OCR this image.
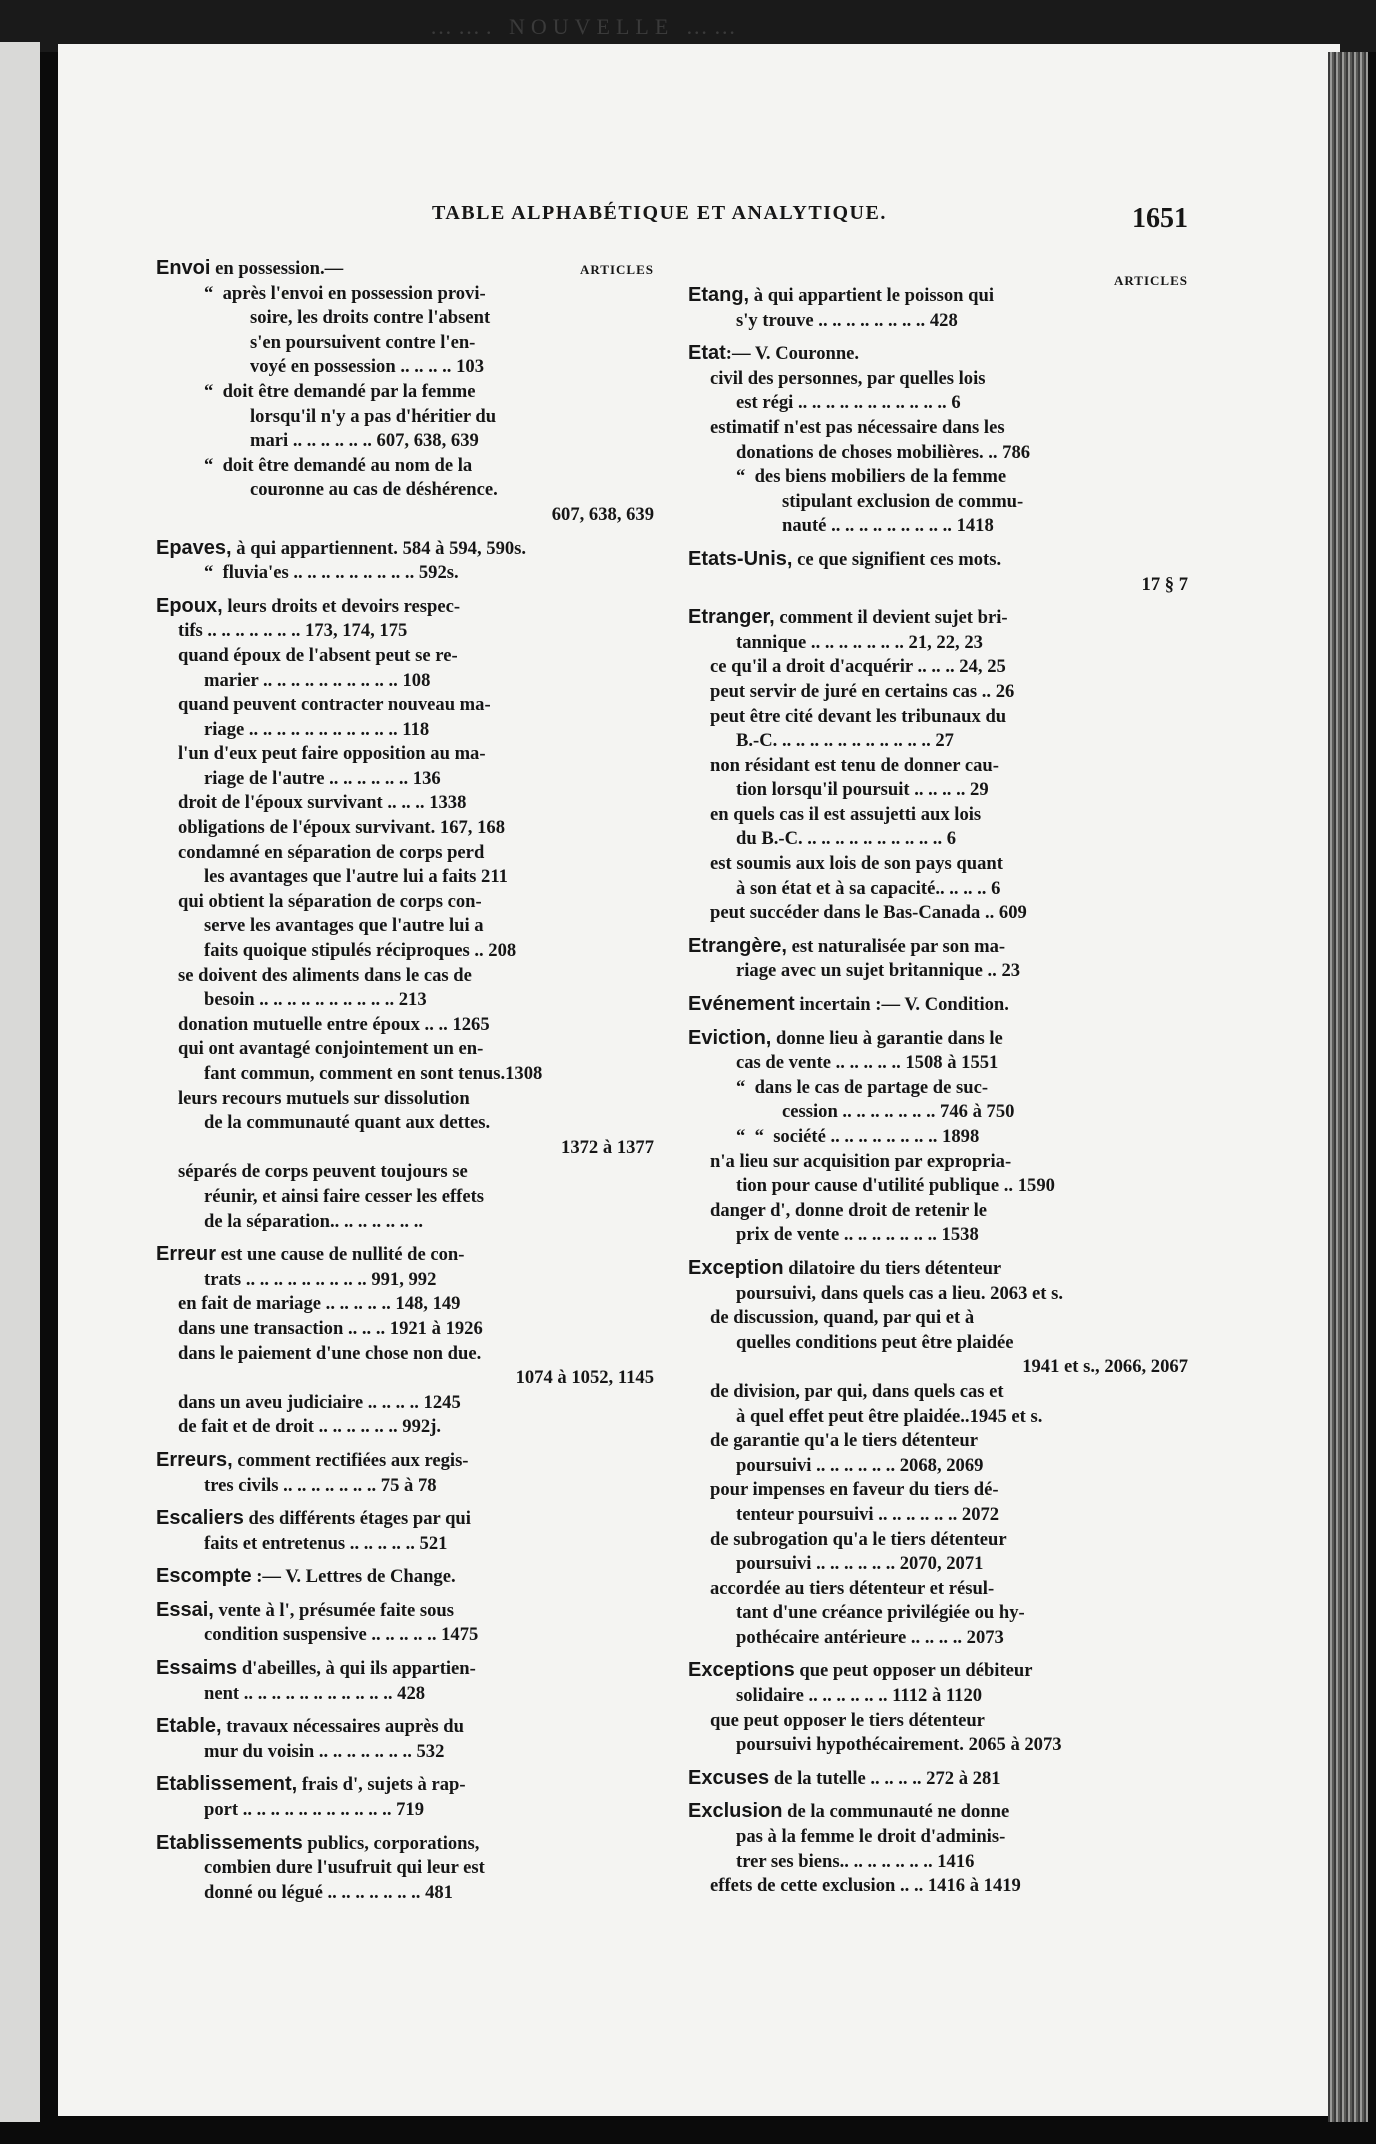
……. NOUVELLE ……
TABLE ALPHABÉTIQUE ET ANALYTIQUE.	1651
ARTICLES
Envoi en possession.—
“  après l'envoi en possession provi-
soire, les droits contre l'absent
s'en poursuivent contre l'en-
voyé en possession .. .. .. .. 103
“  doit être demandé par la femme
lorsqu'il n'y a pas d'héritier du
mari .. .. .. .. .. .. 607, 638, 639
“  doit être demandé au nom de la
couronne au cas de déshérence.
607, 638, 639
Epaves, à qui appartiennent. 584 à 594, 590s.
“  fluvia'es .. .. .. .. .. .. .. .. .. 592s.
Epoux, leurs droits et devoirs respec-
tifs .. .. .. .. .. .. .. 173, 174, 175
quand époux de l'absent peut se re-
marier .. .. .. .. .. .. .. .. .. .. 108
quand peuvent contracter nouveau ma-
riage .. .. .. .. .. .. .. .. .. .. .. 118
l'un d'eux peut faire opposition au ma-
riage de l'autre .. .. .. .. .. .. 136
droit de l'époux survivant .. .. .. 1338
obligations de l'époux survivant. 167, 168
condamné en séparation de corps perd
les avantages que l'autre lui a faits 211
qui obtient la séparation de corps con-
serve les avantages que l'autre lui a
faits quoique stipulés réciproques .. 208
se doivent des aliments dans le cas de
besoin .. .. .. .. .. .. .. .. .. .. 213
donation mutuelle entre époux .. .. 1265
qui ont avantagé conjointement un en-
fant commun, comment en sont tenus.1308
leurs recours mutuels sur dissolution
de la communauté quant aux dettes.
1372 à 1377
séparés de corps peuvent toujours se
réunir, et ainsi faire cesser les effets
de la séparation.. .. .. .. .. .. ..
Erreur est une cause de nullité de con-
trats .. .. .. .. .. .. .. .. .. 991, 992
en fait de mariage .. .. .. .. .. 148, 149
dans une transaction .. .. .. 1921 à 1926
dans le paiement d'une chose non due.
1074 à 1052, 1145
dans un aveu judiciaire .. .. .. .. 1245
de fait et de droit .. .. .. .. .. .. 992j.
Erreurs, comment rectifiées aux regis-
tres civils .. .. .. .. .. .. .. 75 à 78
Escaliers des différents étages par qui
faits et entretenus .. .. .. .. .. 521
Escompte :— V. Lettres de Change.
Essai, vente à l', présumée faite sous
condition suspensive .. .. .. .. .. 1475
Essaims d'abeilles, à qui ils appartien-
nent .. .. .. .. .. .. .. .. .. .. .. 428
Etable, travaux nécessaires auprès du
mur du voisin .. .. .. .. .. .. .. 532
Etablissement, frais d', sujets à rap-
port .. .. .. .. .. .. .. .. .. .. .. 719
Etablissements publics, corporations,
combien dure l'usufruit qui leur est
donné ou légué .. .. .. .. .. .. .. 481
ARTICLES
Etang, à qui appartient le poisson qui
s'y trouve .. .. .. .. .. .. .. .. 428
Etat:— V. Couronne.
civil des personnes, par quelles lois
est régi .. .. .. .. .. .. .. .. .. .. .. 6
estimatif n'est pas nécessaire dans les
donations de choses mobilières. .. 786
“  des biens mobiliers de la femme
stipulant exclusion de commu-
nauté .. .. .. .. .. .. .. .. .. 1418
Etats-Unis, ce que signifient ces mots.
17 § 7
Etranger, comment il devient sujet bri-
tannique .. .. .. .. .. .. .. 21, 22, 23
ce qu'il a droit d'acquérir .. .. .. 24, 25
peut servir de juré en certains cas .. 26
peut être cité devant les tribunaux du
B.-C. .. .. .. .. .. .. .. .. .. .. .. 27
non résidant est tenu de donner cau-
tion lorsqu'il poursuit .. .. .. .. 29
en quels cas il est assujetti aux lois
du B.-C. .. .. .. .. .. .. .. .. .. .. 6
est soumis aux lois de son pays quant
à son état et à sa capacité.. .. .. .. 6
peut succéder dans le Bas-Canada .. 609
Etrangère, est naturalisée par son ma-
riage avec un sujet britannique .. 23
Evénement incertain :— V. Condition.
Eviction, donne lieu à garantie dans le
cas de vente .. .. .. .. .. 1508 à 1551
“  dans le cas de partage de suc-
cession .. .. .. .. .. .. .. 746 à 750
“  “  société .. .. .. .. .. .. .. .. 1898
n'a lieu sur acquisition par expropria-
tion pour cause d'utilité publique .. 1590
danger d', donne droit de retenir le
prix de vente .. .. .. .. .. .. .. 1538
Exception dilatoire du tiers détenteur
poursuivi, dans quels cas a lieu. 2063 et s.
de discussion, quand, par qui et à
quelles conditions peut être plaidée
1941 et s., 2066, 2067
de division, par qui, dans quels cas et
à quel effet peut être plaidée..1945 et s.
de garantie qu'a le tiers détenteur
poursuivi .. .. .. .. .. .. 2068, 2069
pour impenses en faveur du tiers dé-
tenteur poursuivi .. .. .. .. .. .. 2072
de subrogation qu'a le tiers détenteur
poursuivi .. .. .. .. .. .. 2070, 2071
accordée au tiers détenteur et résul-
tant d'une créance privilégiée ou hy-
pothécaire antérieure .. .. .. .. 2073
Exceptions que peut opposer un débiteur
solidaire .. .. .. .. .. .. 1112 à 1120
que peut opposer le tiers détenteur
poursuivi hypothécairement. 2065 à 2073
Excuses de la tutelle .. .. .. .. 272 à 281
Exclusion de la communauté ne donne
pas à la femme le droit d'adminis-
trer ses biens.. .. .. .. .. .. .. 1416
effets de cette exclusion .. .. 1416 à 1419
